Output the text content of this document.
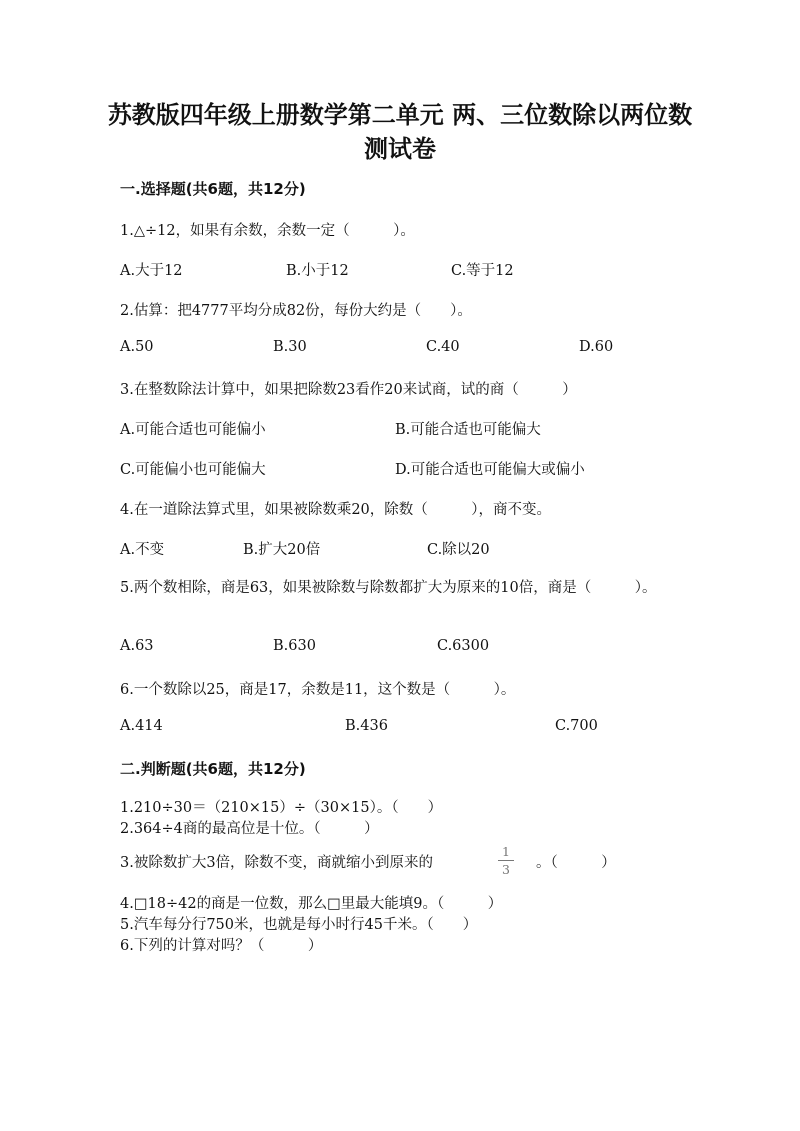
苏教版四年级上册数学第二单元 两、三位数除以两位数 测试卷
一.选择题(共6题，共12分)
1.△÷12，如果有余数，余数一定（　　　）。
A.大于12	B.小于12	C.等于12
2.估算：把4777平均分成82份，每份大约是（　　）。
A.50	B.30	C.40	D.60
3.在整数除法计算中，如果把除数23看作20来试商，试的商（　　　）
A.可能合适也可能偏小	B.可能合适也可能偏大
C.可能偏小也可能偏大	D.可能合适也可能偏大或偏小
4.在一道除法算式里，如果被除数乘20，除数（　　　），商不变。
A.不变	B.扩大20倍	C.除以20
5.两个数相除，商是63，如果被除数与除数都扩大为原来的10倍，商是（　　　）。
A.63	B.630	C.6300
6.一个数除以25，商是17，余数是11，这个数是（　　　）。
A.414	B.436	C.700
二.判断题(共6题，共12分)
1.210÷30＝（210×15）÷（30×15）。（　　）
2.364÷4商的最高位是十位。（　　　）
3.被除数扩大3倍，除数不变，商就缩小到原来的
1
3	。（　　　）
4.□18÷42的商是一位数，那么□里最大能填9。（　　　）
5.汽车每分行750米，也就是每小时行45千米。（　　）
6.下列的计算对吗？（　　　）
